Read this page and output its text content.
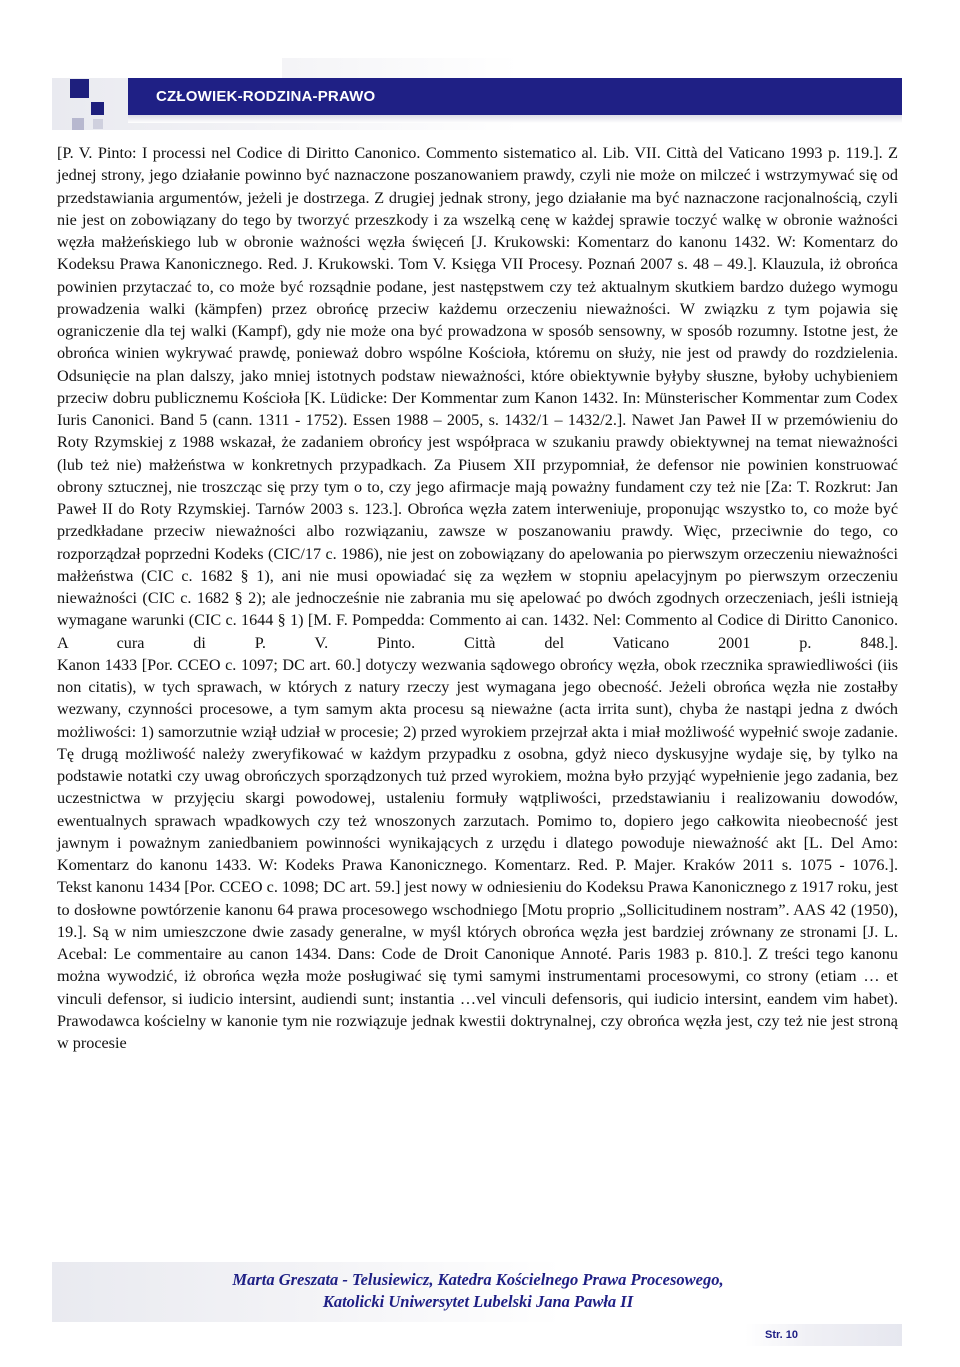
CZŁOWIEK-RODZINA-PRAWO

[P. V. Pinto: I processi nel Codice di Diritto Canonico. Commento sistematico al. Lib. VII. Città del Vaticano 1993 p. 119.]. Z jednej strony, jego działanie powinno być naznaczone poszanowaniem prawdy, czyli nie może on milczeć i wstrzymywać się od przedstawiania argumentów, jeżeli je dostrzega. Z drugiej jednak strony, jego działanie ma być naznaczone racjonalnością, czyli nie jest on zobowiązany do tego by tworzyć przeszkody i za wszelką cenę w każdej sprawie toczyć walkę w obronie ważności węzła małżeńskiego lub w obronie ważności węzła święceń [J. Krukowski: Komentarz do kanonu 1432. W: Komentarz do Kodeksu Prawa Kanonicznego. Red. J. Krukowski. Tom V. Księga VII Procesy. Poznań 2007 s. 48 – 49.]. Klauzula, iż obrońca powinien przytaczać to, co może być rozsądnie podane, jest następstwem czy też aktualnym skutkiem bardzo dużego wymogu prowadzenia walki (kämpfen) przez obrońcę przeciw każdemu orzeczeniu nieważności. W związku z tym pojawia się ograniczenie dla tej walki (Kampf), gdy nie może ona być prowadzona w sposób sensowny, w sposób rozumny. Istotne jest, że obrońca winien wykrywać prawdę, ponieważ dobro wspólne Kościoła, któremu on służy, nie jest od prawdy do rozdzielenia. Odsunięcie na plan dalszy, jako mniej istotnych podstaw nieważności, które obiektywnie byłyby słuszne, byłoby uchybieniem przeciw dobru publicznemu Kościoła [K. Lüdicke: Der Kommentar zum Kanon 1432. In: Münsterischer Kommentar zum Codex Iuris Canonici. Band 5 (cann. 1311 - 1752). Essen 1988 – 2005, s. 1432/1 – 1432/2.]. Nawet Jan Paweł II w przemówieniu do Roty Rzymskiej z 1988 wskazał, że zadaniem obrońcy jest współpraca w szukaniu prawdy obiektywnej na temat nieważności (lub też nie) małżeństwa w konkretnych przypadkach. Za Piusem XII przypomniał, że defensor nie powinien konstruować obrony sztucznej, nie troszcząc się przy tym o to, czy jego afirmacje mają poważny fundament czy też nie [Za: T. Rozkrut: Jan Paweł II do Roty Rzymskiej. Tarnów 2003 s. 123.]. Obrońca węzła zatem interweniuje, proponując wszystko to, co może być przedkładane przeciw nieważności albo rozwiązaniu, zawsze w poszanowaniu prawdy. Więc, przeciwnie do tego, co rozporządzał poprzedni Kodeks (CIC/17 c. 1986), nie jest on zobowiązany do apelowania po pierwszym orzeczeniu nieważności małżeństwa (CIC c. 1682 § 1), ani nie musi opowiadać się za węzłem w stopniu apelacyjnym po pierwszym orzeczeniu nieważności (CIC c. 1682 § 2); ale jednocześnie nie zabrania mu się apelować po dwóch zgodnych orzeczeniach, jeśli istnieją wymagane warunki (CIC c. 1644 § 1) [M. F. Pompedda: Commento ai can. 1432. Nel: Commento al Codice di Diritto Canonico. A cura di P. V. Pinto. Città del Vaticano 2001 p. 848.].

Kanon 1433 [Por. CCEO c. 1097; DC art. 60.] dotyczy wezwania sądowego obrońcy węzła, obok rzecznika sprawiedliwości (iis non citatis), w tych sprawach, w których z natury rzeczy jest wymagana jego obecność. Jeżeli obrońca węzła nie zostałby wezwany, czynności procesowe, a tym samym akta procesu są nieważne (acta irrita sunt), chyba że nastąpi jedna z dwóch możliwości: 1) samorzutnie wziął udział w procesie; 2) przed wyrokiem przejrzał akta i miał możliwość wypełnić swoje zadanie. Tę drugą możliwość należy zweryfikować w każdym przypadku z osobna, gdyż nieco dyskusyjne wydaje się, by tylko na podstawie notatki czy uwag obrończych sporządzonych tuż przed wyrokiem, można było przyjąć wypełnienie jego zadania, bez uczestnictwa w przyjęciu skargi powodowej, ustaleniu formuły wątpliwości, przedstawianiu i realizowaniu dowodów, ewentualnych sprawach wpadkowych czy też wnoszonych zarzutach. Pomimo to, dopiero jego całkowita nieobecność jest jawnym i poważnym zaniedbaniem powinności wynikających z urzędu i dlatego powoduje nieważność akt [L. Del Amo: Komentarz do kanonu 1433. W: Kodeks Prawa Kanonicznego. Komentarz. Red. P. Majer. Kraków 2011 s. 1075 - 1076.].

Tekst kanonu 1434 [Por. CCEO c. 1098; DC art. 59.] jest nowy w odniesieniu do Kodeksu Prawa Kanonicznego z 1917 roku, jest to dosłowne powtórzenie kanonu 64 prawa procesowego wschodniego [Motu proprio „Sollicitudinem nostram”. AAS 42 (1950), 19.]. Są w nim umieszczone dwie zasady generalne, w myśl których obrońca węzła jest bardziej zrównany ze stronami [J. L. Acebal: Le commentaire au canon 1434. Dans: Code de Droit Canonique Annoté. Paris 1983 p. 810.]. Z treści tego kanonu można wywodzić, iż obrońca węzła może posługiwać się tymi samymi instrumentami procesowymi, co strony (etiam … et vinculi defensor, si iudicio intersint, audiendi sunt; instantia …vel vinculi defensoris, qui iudicio intersint, eandem vim habet). Prawodawca kościelny w kanonie tym nie rozwiązuje jednak kwestii doktrynalnej, czy obrońca węzła jest, czy też nie jest stroną w procesie

Marta Greszata - Telusiewicz, Katedra Kościelnego Prawa Procesowego,
Katolicki Uniwersytet Lubelski Jana Pawła II
Str. 10
